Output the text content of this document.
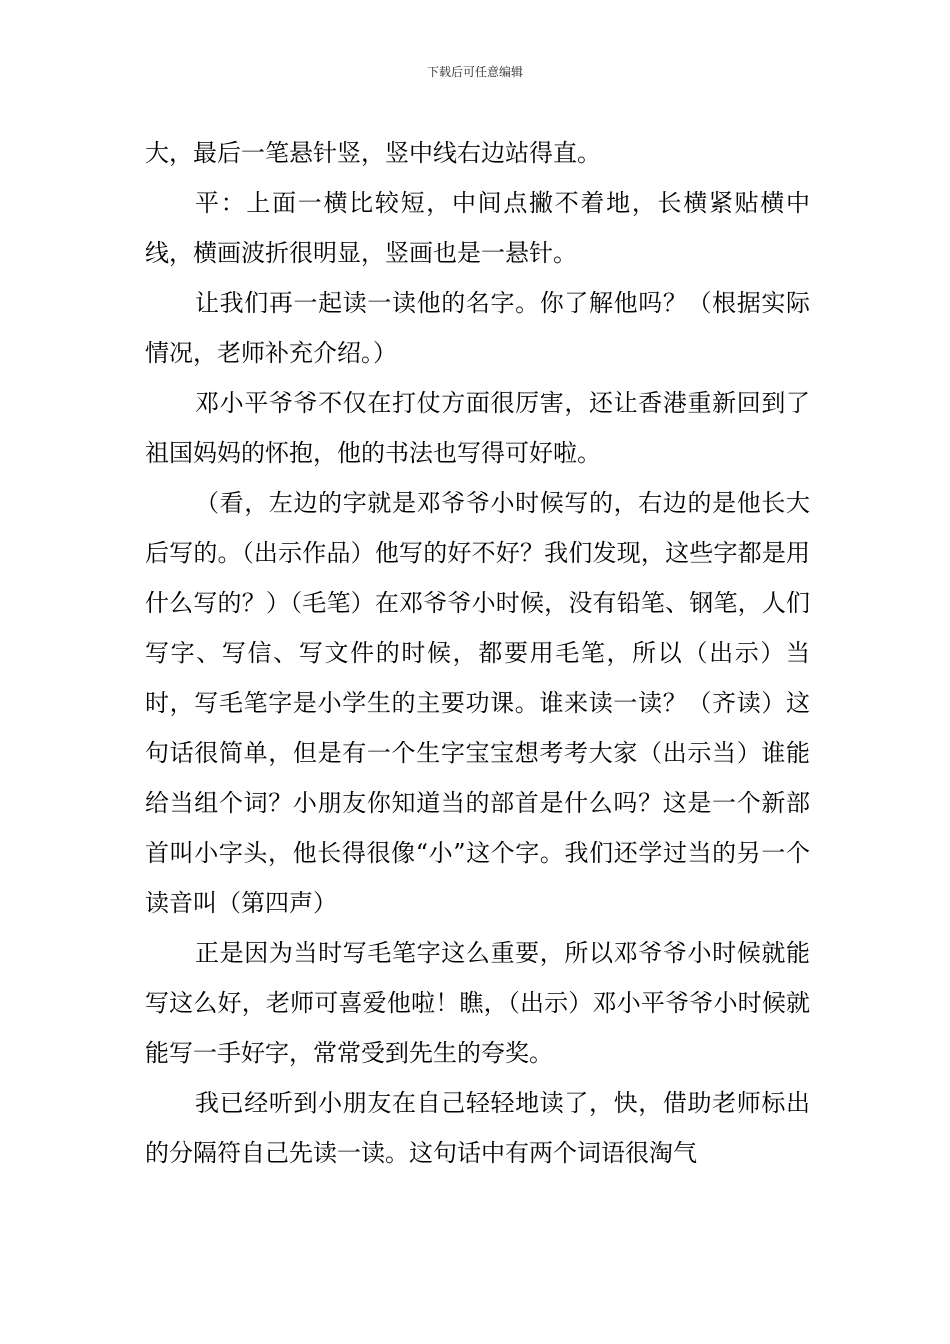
下载后可任意编辑

大，最后一笔悬针竖，竖中线右边站得直。

平：上面一横比较短，中间点撇不着地，长横紧贴横中线，横画波折很明显，竖画也是一悬针。

让我们再一起读一读他的名字。你了解他吗？（根据实际情况，老师补充介绍。）

邓小平爷爷不仅在打仗方面很厉害，还让香港重新回到了祖国妈妈的怀抱，他的书法也写得可好啦。

（看，左边的字就是邓爷爷小时候写的，右边的是他长大后写的。（出示作品）他写的好不好？我们发现，这些字都是用什么写的？）（毛笔）在邓爷爷小时候，没有铅笔、钢笔，人们写字、写信、写文件的时候，都要用毛笔，所以（出示）当时，写毛笔字是小学生的主要功课。谁来读一读？（齐读）这句话很简单，但是有一个生字宝宝想考考大家（出示当）谁能给当组个词？小朋友你知道当的部首是什么吗？这是一个新部首叫小字头，他长得很像“小”这个字。我们还学过当的另一个读音叫（第四声）

正是因为当时写毛笔字这么重要，所以邓爷爷小时候就能写这么好，老师可喜爱他啦！瞧，（出示）邓小平爷爷小时候就能写一手好字，常常受到先生的夸奖。

我已经听到小朋友在自己轻轻地读了，快，借助老师标出的分隔符自己先读一读。这句话中有两个词语很淘气
